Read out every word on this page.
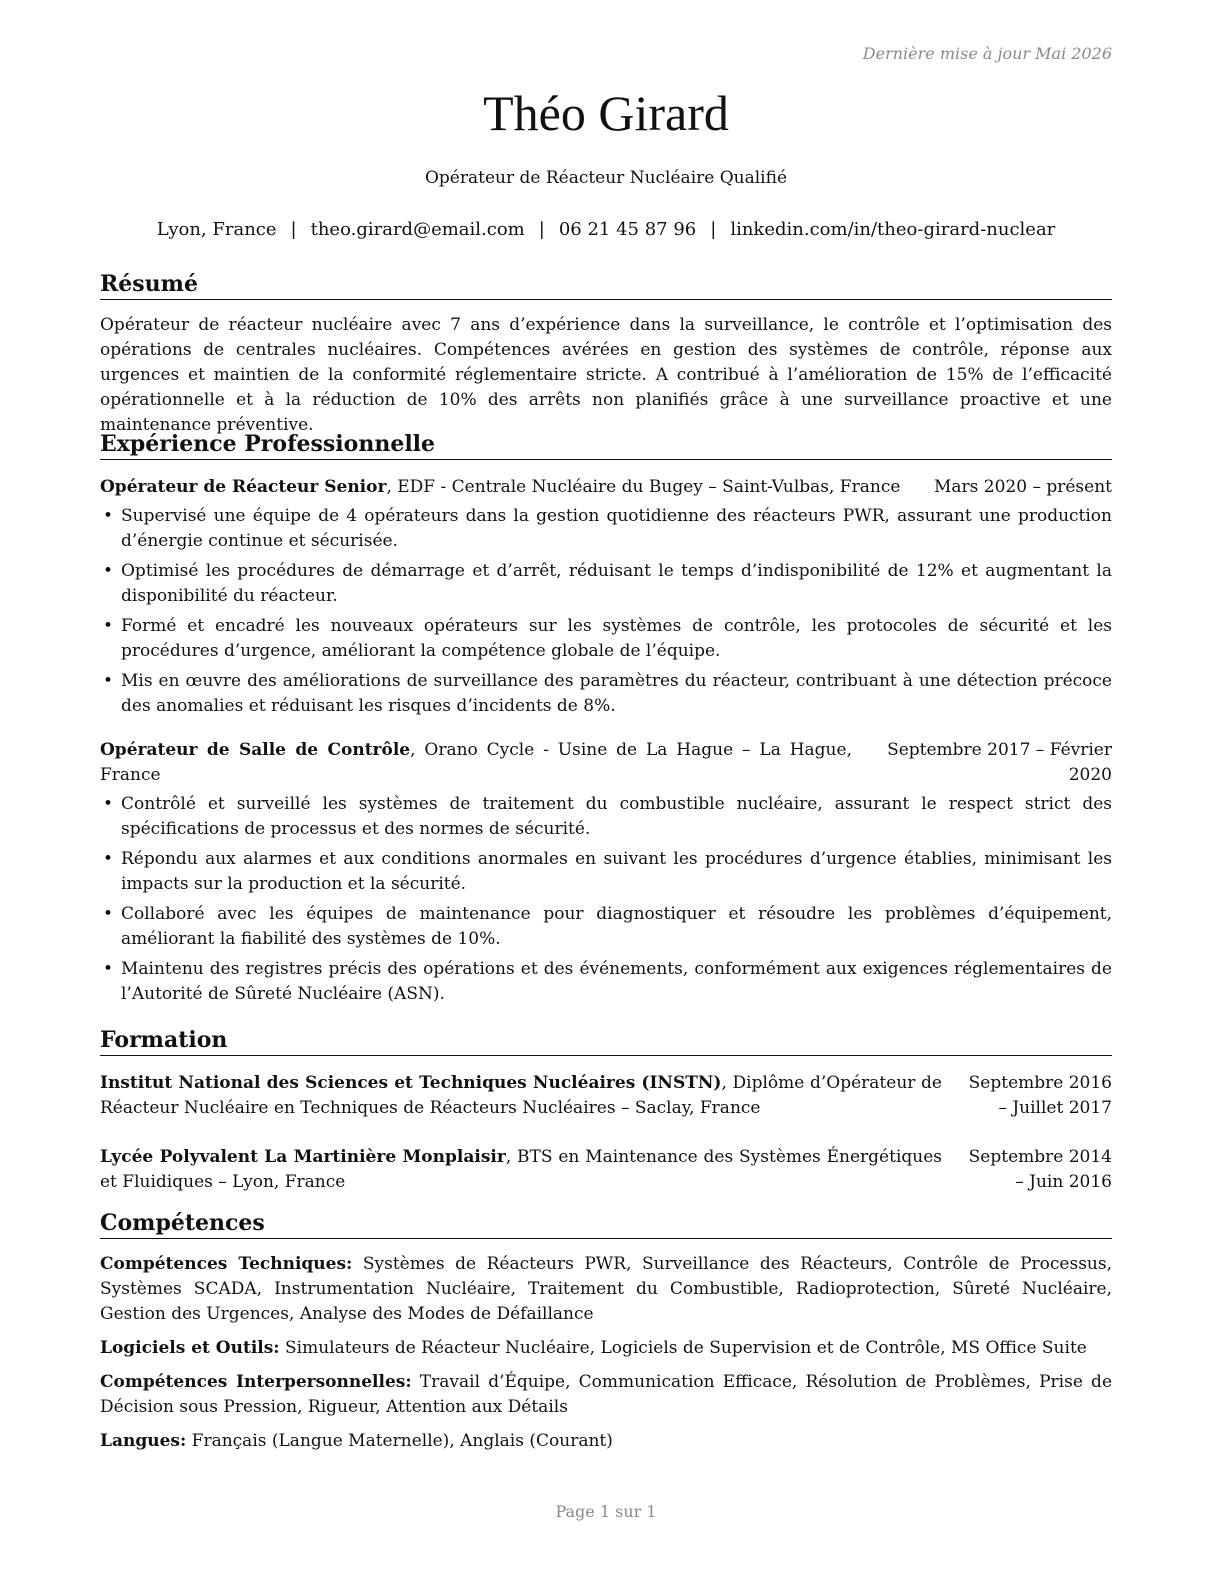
Dernière mise à jour Mai 2026
Théo Girard
Opérateur de Réacteur Nucléaire Qualifié
Lyon, France | theo.girard@email.com | 06 21 45 87 96 | linkedin.com/in/theo-girard-nuclear
Résumé

Opérateur de réacteur nucléaire avec 7 ans d’expérience dans la surveillance, le contrôle et l’optimisation des opérations de centrales nucléaires. Compétences avérées en gestion des systèmes de contrôle, réponse aux urgences et maintien de la conformité réglementaire stricte. A contribué à l’amélioration de 15% de l’efficacité opérationnelle et à la réduction de 10% des arrêts non planifiés grâce à une surveillance proactive et une maintenance préventive.

Expérience Professionnelle
Opérateur de Réacteur Senior, EDF - Centrale Nucléaire du Bugey – Saint-Vulbas, France	Mars 2020 – présent
• Supervisé une équipe de 4 opérateurs dans la gestion quotidienne des réacteurs PWR, assurant une production d’énergie continue et sécurisée.
• Optimisé les procédures de démarrage et d’arrêt, réduisant le temps d’indisponibilité de 12% et augmentant la disponibilité du réacteur.
• Formé et encadré les nouveaux opérateurs sur les systèmes de contrôle, les protocoles de sécurité et les procédures d’urgence, améliorant la compétence globale de l’équipe.
• Mis en œuvre des améliorations de surveillance des paramètres du réacteur, contribuant à une détection précoce des anomalies et réduisant les risques d’incidents de 8%.
Opérateur de Salle de Contrôle, Orano Cycle - Usine de La Hague – La Hague, France
Septembre 2017 – Février 2020
• Contrôlé et surveillé les systèmes de traitement du combustible nucléaire, assurant le respect strict des spécifications de processus et des normes de sécurité.
• Répondu aux alarmes et aux conditions anormales en suivant les procédures d’urgence établies, minimisant les impacts sur la production et la sécurité.
• Collaboré avec les équipes de maintenance pour diagnostiquer et résoudre les problèmes d’équipement, améliorant la fiabilité des systèmes de 10%.
• Maintenu des registres précis des opérations et des événements, conformément aux exigences réglementaires de l’Autorité de Sûreté Nucléaire (ASN).
Formation
Institut National des Sciences et Techniques Nucléaires (INSTN), Diplôme d’Opérateur de Réacteur Nucléaire en Techniques de Réacteurs Nucléaires – Saclay, France
Septembre 2016 – Juillet 2017
Lycée Polyvalent La Martinière Monplaisir, BTS en Maintenance des Systèmes Énergétiques et Fluidiques – Lyon, France
Septembre 2014 – Juin 2016
Compétences
Compétences Techniques: Systèmes de Réacteurs PWR, Surveillance des Réacteurs, Contrôle de Processus, Systèmes SCADA, Instrumentation Nucléaire, Traitement du Combustible, Radioprotection, Sûreté Nucléaire, Gestion des Urgences, Analyse des Modes de Défaillance
Logiciels et Outils: Simulateurs de Réacteur Nucléaire, Logiciels de Supervision et de Contrôle, MS Office Suite
Compétences Interpersonnelles: Travail d’Équipe, Communication Efficace, Résolution de Problèmes, Prise de Décision sous Pression, Rigueur, Attention aux Détails
Langues: Français (Langue Maternelle), Anglais (Courant)
Page 1 sur 1
